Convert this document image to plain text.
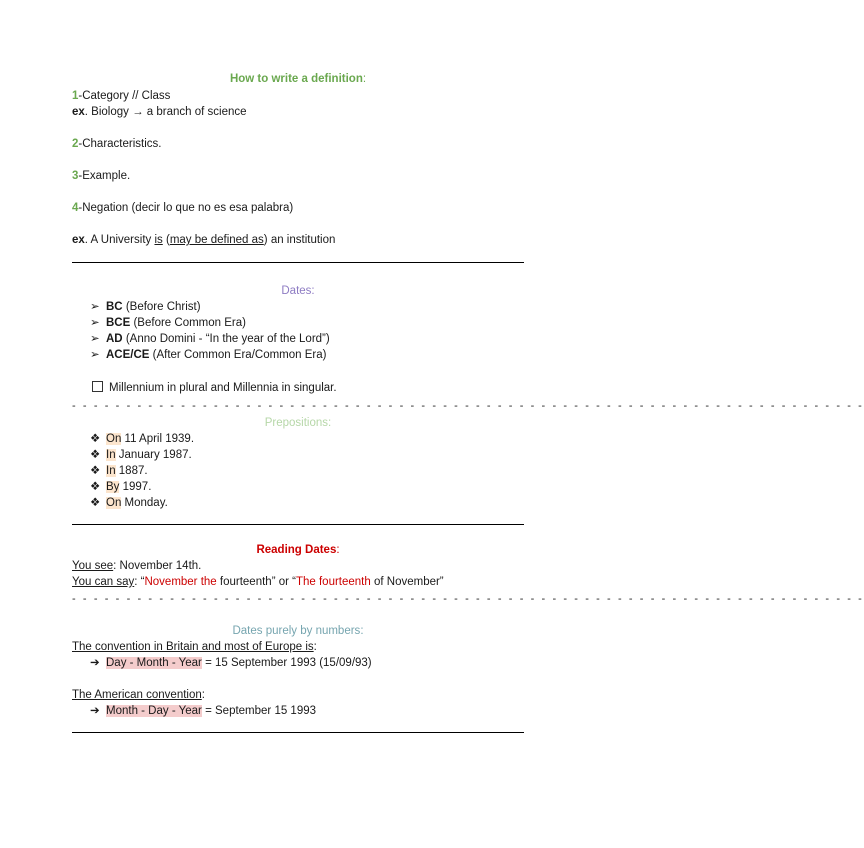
How to write a definition:
1-Category // Class
ex. Biology → a branch of science
2-Characteristics.
3-Example.
4-Negation (decir lo que no es esa palabra)
ex. A University is (may be defined as) an institution
Dates:
➢ BC (Before Christ)
➢ BCE (Before Common Era)
➢ AD (Anno Domini - “In the year of the Lord”)
➢ ACE/CE (After Common Era/Common Era)
Millennium in plural and Millennia in singular.
- - - - - - - - - - - - - - - - - - - - - - - - - - - - - - - - - - - - - - - - - - - - - - - - - - - - - - - - - - - - - - - - - - - - - - - - -
Prepositions:
❖ On 11 April 1939.
❖ In January 1987.
❖ In 1887.
❖ By 1997.
❖ On Monday.
Reading Dates:
You see: November 14th.
You can say: “November the fourteenth” or “The fourteenth of November”
- - - - - - - - - - - - - - - - - - - - - - - - - - - - - - - - - - - - - - - - - - - - - - - - - - - - - - - - - - - - - - - - - - - - - - - - -
Dates purely by numbers:
The convention in Britain and most of Europe is:
➔ Day - Month - Year = 15 September 1993 (15/09/93)
The American convention:
➔ Month - Day - Year = September 15 1993
